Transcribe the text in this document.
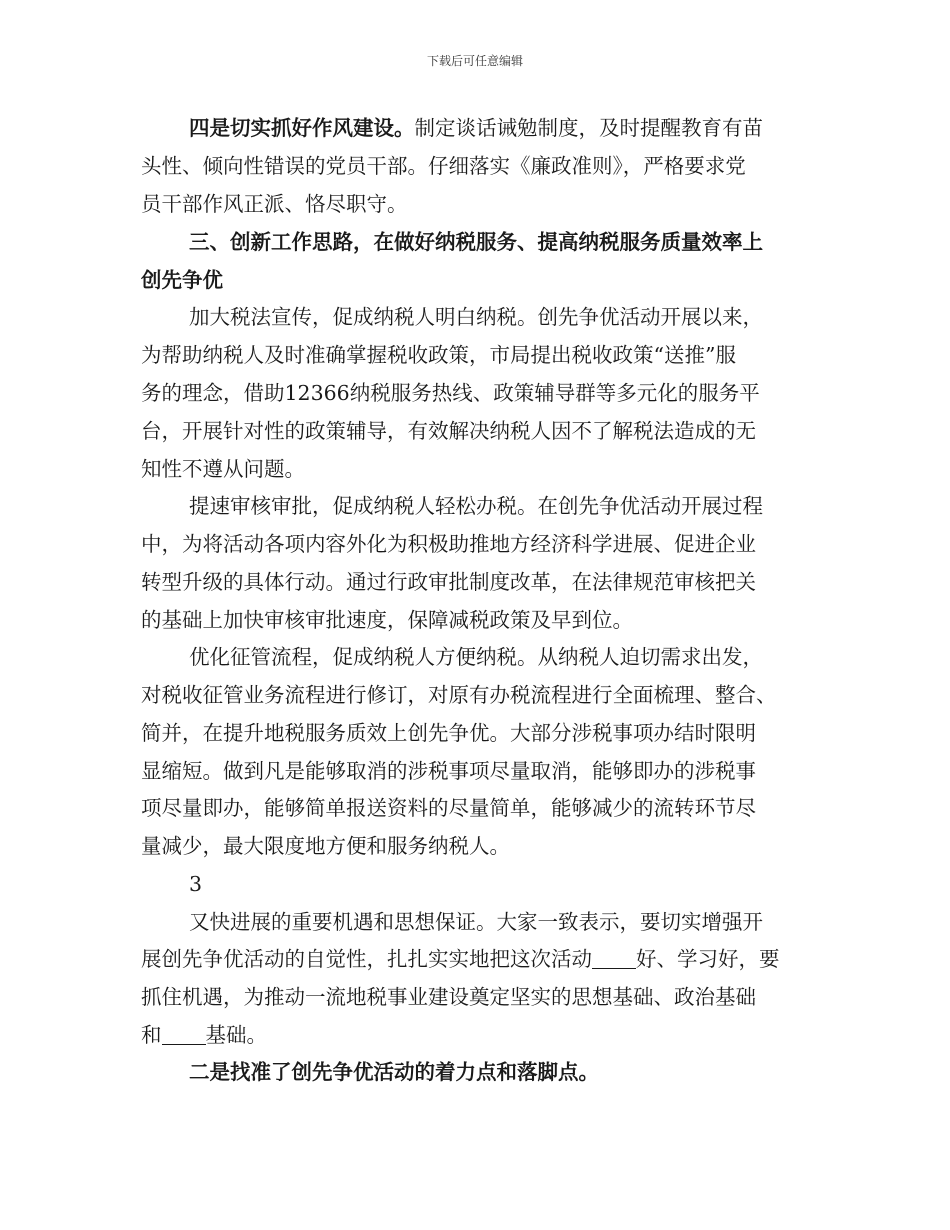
下载后可任意编辑
四是切实抓好作风建设。制定谈话诫勉制度，及时提醒教育有苗
头性、倾向性错误的党员干部。仔细落实《廉政准则》，严格要求党
员干部作风正派、恪尽职守。
三、创新工作思路，在做好纳税服务、提高纳税服务质量效率上
创先争优
加大税法宣传，促成纳税人明白纳税。创先争优活动开展以来，
为帮助纳税人及时准确掌握税收政策，市局提出税收政策“送推”服
务的理念，借助12366纳税服务热线、政策辅导群等多元化的服务平
台，开展针对性的政策辅导，有效解决纳税人因不了解税法造成的无
知性不遵从问题。
提速审核审批，促成纳税人轻松办税。在创先争优活动开展过程
中，为将活动各项内容外化为积极助推地方经济科学进展、促进企业
转型升级的具体行动。通过行政审批制度改革，在法律规范审核把关
的基础上加快审核审批速度，保障减税政策及早到位。
优化征管流程，促成纳税人方便纳税。从纳税人迫切需求出发，
对税收征管业务流程进行修订，对原有办税流程进行全面梳理、整合、
简并，在提升地税服务质效上创先争优。大部分涉税事项办结时限明
显缩短。做到凡是能够取消的涉税事项尽量取消，能够即办的涉税事
项尽量即办，能够简单报送资料的尽量简单，能够减少的流转环节尽
量减少，最大限度地方便和服务纳税人。
3
又快进展的重要机遇和思想保证。大家一致表示，要切实增强开
展创先争优活动的自觉性，扎扎实实地把这次活动 好、学习好，要
抓住机遇，为推动一流地税事业建设奠定坚实的思想基础、政治基础
和 基础。
二是找准了创先争优活动的着力点和落脚点。
